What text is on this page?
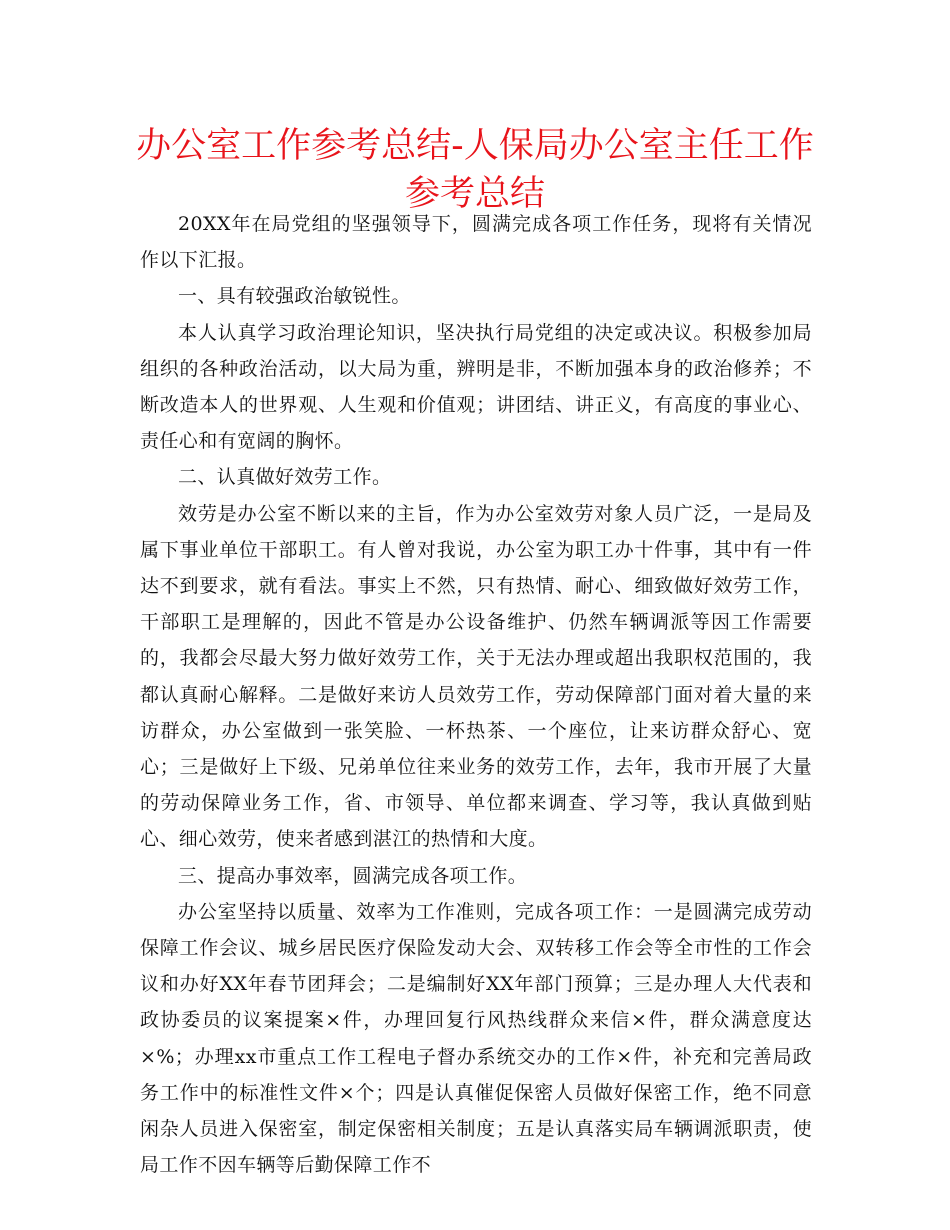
办公室工作参考总结-人保局办公室主任工作参考总结

20XX年在局党组的坚强领导下，圆满完成各项工作任务，现将有关情况作以下汇报。

一、具有较强政治敏锐性。

本人认真学习政治理论知识，坚决执行局党组的决定或决议。积极参加局组织的各种政治活动，以大局为重，辨明是非，不断加强本身的政治修养；不断改造本人的世界观、人生观和价值观；讲团结、讲正义，有高度的事业心、责任心和有宽阔的胸怀。

二、认真做好效劳工作。

效劳是办公室不断以来的主旨，作为办公室效劳对象人员广泛，一是局及属下事业单位干部职工。有人曾对我说，办公室为职工办十件事，其中有一件达不到要求，就有看法。事实上不然，只有热情、耐心、细致做好效劳工作，干部职工是理解的，因此不管是办公设备维护、仍然车辆调派等因工作需要的，我都会尽最大努力做好效劳工作，关于无法办理或超出我职权范围的，我都认真耐心解释。二是做好来访人员效劳工作，劳动保障部门面对着大量的来访群众，办公室做到一张笑脸、一杯热茶、一个座位，让来访群众舒心、宽心；三是做好上下级、兄弟单位往来业务的效劳工作，去年，我市开展了大量的劳动保障业务工作，省、市领导、单位都来调查、学习等，我认真做到贴心、细心效劳，使来者感到湛江的热情和大度。

三、提高办事效率，圆满完成各项工作。

办公室坚持以质量、效率为工作准则，完成各项工作：一是圆满完成劳动保障工作会议、城乡居民医疗保险发动大会、双转移工作会等全市性的工作会议和办好XX年春节团拜会；二是编制好XX年部门预算；三是办理人大代表和政协委员的议案提案×件，办理回复行风热线群众来信×件，群众满意度达×%；办理xx市重点工作工程电子督办系统交办的工作×件，补充和完善局政务工作中的标准性文件×个；四是认真催促保密人员做好保密工作，绝不同意闲杂人员进入保密室，制定保密相关制度；五是认真落实局车辆调派职责，使局工作不因车辆等后勤保障工作不
